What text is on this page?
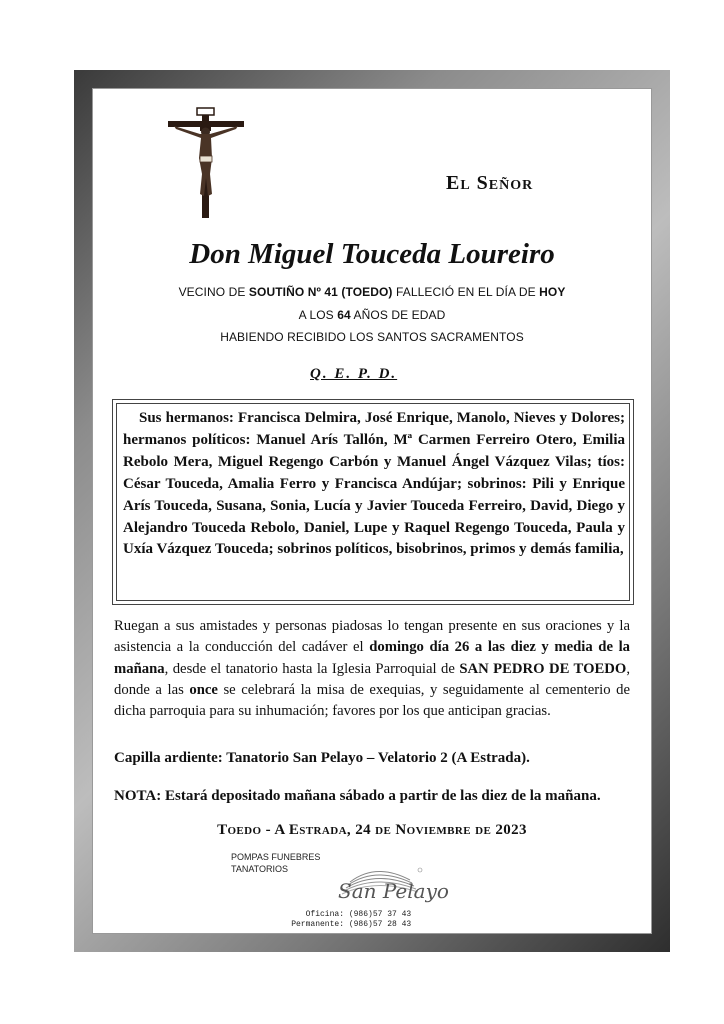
El Señor
Don Miguel Touceda Loureiro
VECINO DE SOUTIÑO Nº 41 (TOEDO) FALLECIÓ EN EL DÍA DE HOY
A LOS 64 AÑOS DE EDAD
HABIENDO RECIBIDO LOS SANTOS SACRAMENTOS
Q. E. P. D.
Sus hermanos: Francisca Delmira, José Enrique, Manolo, Nieves y Dolores; hermanos políticos: Manuel Arís Tallón, Mª Carmen Ferreiro Otero, Emilia Rebolo Mera, Miguel Regengo Carbón y Manuel Ángel Vázquez Vilas; tíos: César Touceda, Amalia Ferro y Francisca Andújar; sobrinos: Pili y Enrique Arís Touceda, Susana, Sonia, Lucía y Javier Touceda Ferreiro, David, Diego y Alejandro Touceda Rebolo, Daniel, Lupe y Raquel Regengo Touceda, Paula y Uxía Vázquez Touceda; sobrinos políticos, bisobrinos, primos y demás familia,
Ruegan a sus amistades y personas piadosas lo tengan presente en sus oraciones y la asistencia a la conducción del cadáver el domingo día 26 a las diez y media de la mañana, desde el tanatorio hasta la Iglesia Parroquial de SAN PEDRO DE TOEDO, donde a las once se celebrará la misa de exequias, y seguidamente al cementerio de dicha parroquia para su inhumación; favores por los que anticipan gracias.
Capilla ardiente: Tanatorio San Pelayo – Velatorio 2 (A Estrada).
NOTA: Estará depositado mañana sábado a partir de las diez de la mañana.
Toedo - A Estrada, 24 de Noviembre de 2023
POMPAS FUNEBRES
TANATORIOS
San Pelayo
Oficina: (986)57 37 43
Permanente: (986)57 28 43
